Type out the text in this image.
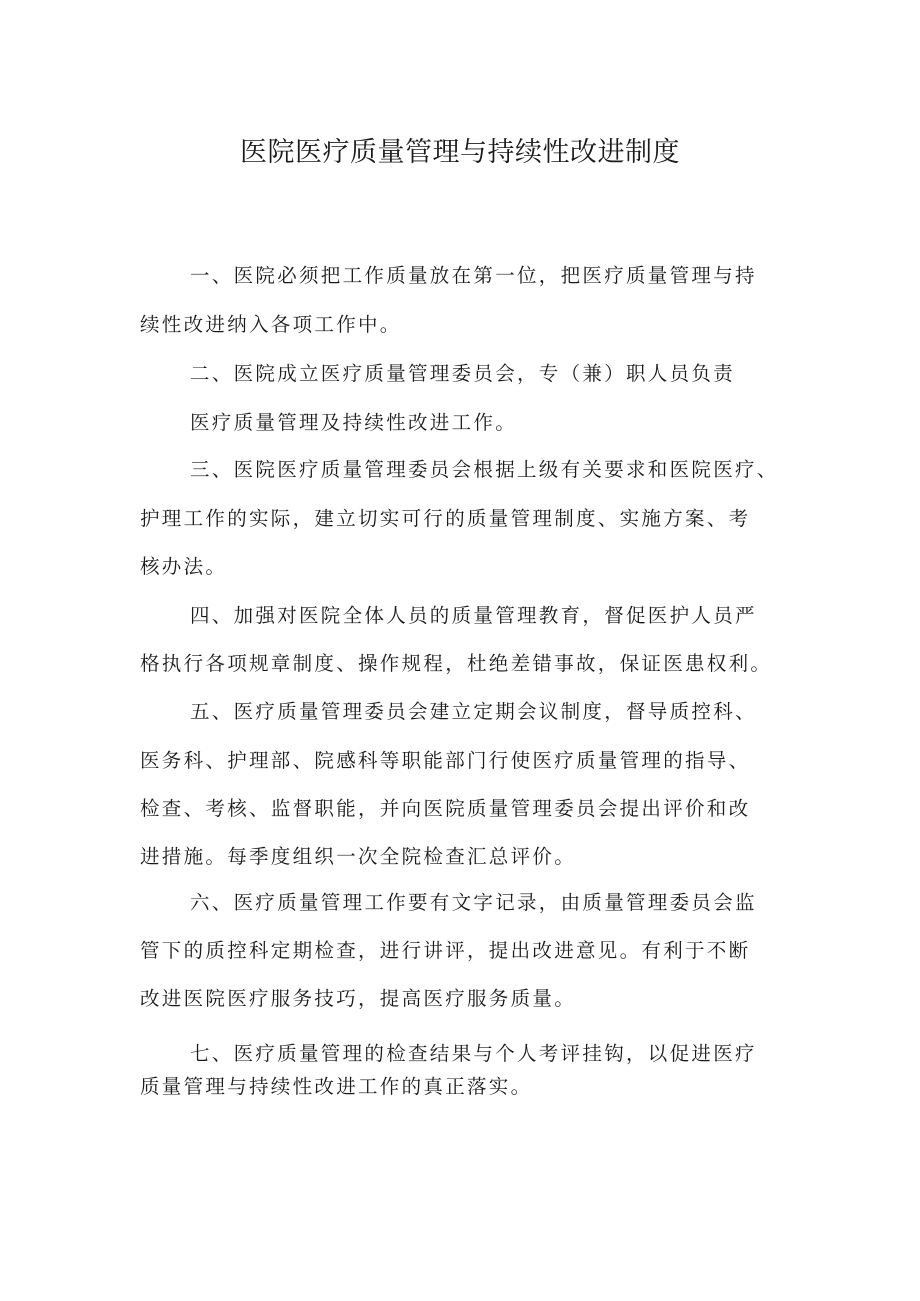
医院医疗质量管理与持续性改进制度

一、医院必须把工作质量放在第一位，把医疗质量管理与持

续性改进纳入各项工作中。

二、医院成立医疗质量管理委员会，专（兼）职人员负责

医疗质量管理及持续性改进工作。

三、医院医疗质量管理委员会根据上级有关要求和医院医疗、

护理工作的实际，建立切实可行的质量管理制度、实施方案、考

核办法。

四、加强对医院全体人员的质量管理教育，督促医护人员严

格执行各项规章制度、操作规程，杜绝差错事故，保证医患权利。

五、医疗质量管理委员会建立定期会议制度，督导质控科、

医务科、护理部、院感科等职能部门行使医疗质量管理的指导、

检查、考核、监督职能，并向医院质量管理委员会提出评价和改

进措施。每季度组织一次全院检查汇总评价。

六、医疗质量管理工作要有文字记录，由质量管理委员会监

管下的质控科定期检查，进行讲评，提出改进意见。有利于不断

改进医院医疗服务技巧，提高医疗服务质量。

七、医疗质量管理的检查结果与个人考评挂钩，以促进医疗

质量管理与持续性改进工作的真正落实。
